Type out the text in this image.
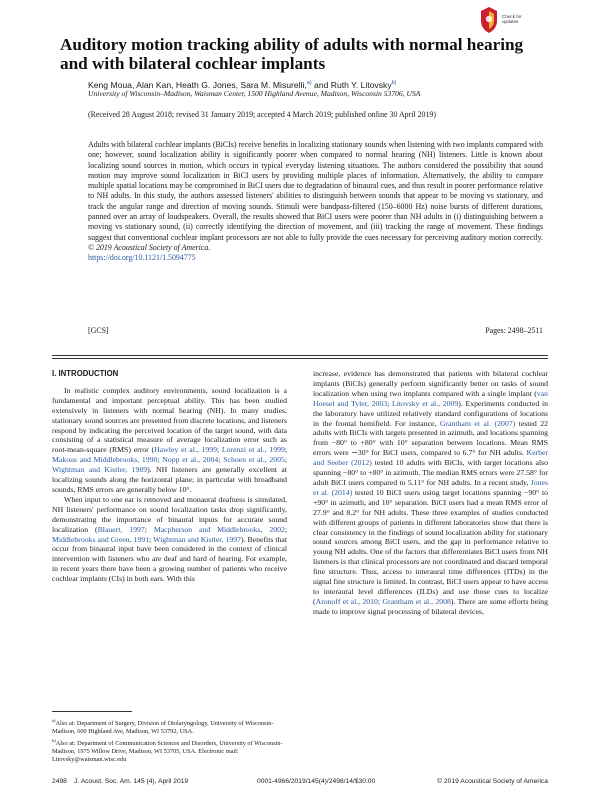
Check for
updates
Auditory motion tracking ability of adults with normal hearing and with bilateral cochlear implants
Keng Moua, Alan Kan, Heath G. Jones, Sara M. Misurelli,$^{a)}$ and Ruth Y. Litovsky$^{b)}$
University of Wisconsin–Madison, Waisman Center, 1500 Highland Avenue, Madison, Wisconsin 53706, USA
(Received 28 August 2018; revised 31 January 2019; accepted 4 March 2019; published online 30 April 2019)
Adults with bilateral cochlear implants (BiCIs) receive benefits in localizing stationary sounds when listening with two implants compared with one; however, sound localization ability is significantly poorer when compared to normal hearing (NH) listeners. Little is known about localizing sound sources in motion, which occurs in typical everyday listening situations. The authors considered the possibility that sound motion may improve sound localization in BiCI users by providing multiple places of information. Alternatively, the ability to compare multiple spatial locations may be compromised in BiCI users due to degradation of binaural cues, and thus result in poorer performance relative to NH adults. In this study, the authors assessed listeners' abilities to distinguish between sounds that appear to be moving vs stationary, and track the angular range and direction of moving sounds. Stimuli were bandpass-filtered (150–6000 Hz) noise bursts of different durations, panned over an array of loudspeakers. Overall, the results showed that BiCI users were poorer than NH adults in (i) distinguishing between a moving vs stationary sound, (ii) correctly identifying the direction of movement, and (iii) tracking the range of movement. These findings suggest that conventional cochlear implant processors are not able to fully provide the cues necessary for perceiving auditory motion correctly. © 2019 Acoustical Society of America.
https://doi.org/10.1121/1.5094775
[GCS]	Pages: 2498–2511
I. INTRODUCTION

In realistic complex auditory environments, sound localization is a fundamental and important perceptual ability. This has been studied extensively in listeners with normal hearing (NH). In many studies, stationary sound sources are presented from discrete locations, and listeners respond by indicating the perceived location of the target sound, with data consisting of a statistical measure of average localization error such as root-mean-square (RMS) error (Hawley et al., 1999; Lorenzi et al., 1999; Makous and Middlebrooks, 1990; Nopp et al., 2004; Schoen et al., 2005; Wightman and Kistler, 1989). NH listeners are generally excellent at localizing sounds along the horizontal plane; in particular with broadband sounds, RMS errors are generally below 10°.

When input to one ear is removed and monaural deafness is simulated, NH listeners' performance on sound localization tasks drop significantly, demonstrating the importance of binaural inputs for accurate sound localization (Blauert, 1997; Macpherson and Middlebrooks, 2002; Middlebrooks and Green, 1991; Wightman and Kistler, 1997). Benefits that occur from binaural input have been considered in the context of clinical intervention with listeners who are deaf and hard of hearing. For example, in recent years there have been a growing number of patients who receive cochlear implants (CIs) in both ears. With this

increase, evidence has demonstrated that patients with bilateral cochlear implants (BiCIs) generally perform significantly better on tasks of sound localization when using two implants compared with a single implant (van Hoesel and Tyler, 2003; Litovsky et al., 2009). Experiments conducted in the laboratory have utilized relatively standard configurations of locations in the frontal hemifield. For instance, Grantham et al. (2007) tested 22 adults with BiCIs with targets presented in azimuth, and locations spanning from −80° to +80° with 10° separation between locations. Mean RMS errors were ∼30° for BiCI users, compared to 6.7° for NH adults. Kerber and Seeber (2012) tested 10 adults with BiCIs, with target locations also spanning −80° to +80° in azimuth. The median RMS errors were 27.58° for adult BiCI users compared to 5.11° for NH adults. In a recent study, Jones et al. (2014) tested 10 BiCI users using target locations spanning −90° to +90° in azimuth, and 10° separation. BiCI users had a mean RMS error of 27.9° and 8.2° for NH adults. These three examples of studies conducted with different groups of patients in different laboratories show that there is clear consistency in the findings of sound localization ability for stationary sound sources among BiCI users, and the gap in performance relative to young NH adults. One of the factors that differentiates BiCI users from NH listeners is that clinical processors are not coordinated and discard temporal fine structure. Thus, access to interaural time differences (ITDs) in the signal fine structure is limited. In contrast, BiCI users appear to have access to interaural level differences (ILDs) and use those cues to localize (Aronoff et al., 2010; Grantham et al., 2008). There are some efforts being made to improve signal processing of bilateral devices,

$^{a)}$Also at: Department of Surgery, Division of Otolaryngology, University of Wisconsin-Madison, 600 Highland Ave, Madison, WI 53792, USA.
$^{b)}$Also at: Department of Communication Sciences and Disorders, University of Wisconsin-Madison, 1975 Willow Drive, Madison, WI 53705, USA. Electronic mail: Litovsky@waisman.wisc.edu
2498 J. Acoust. Soc. Am. 145 (4), April 2019	0001-4966/2019/145(4)/2498/14/$30.00	© 2019 Acoustical Society of America
